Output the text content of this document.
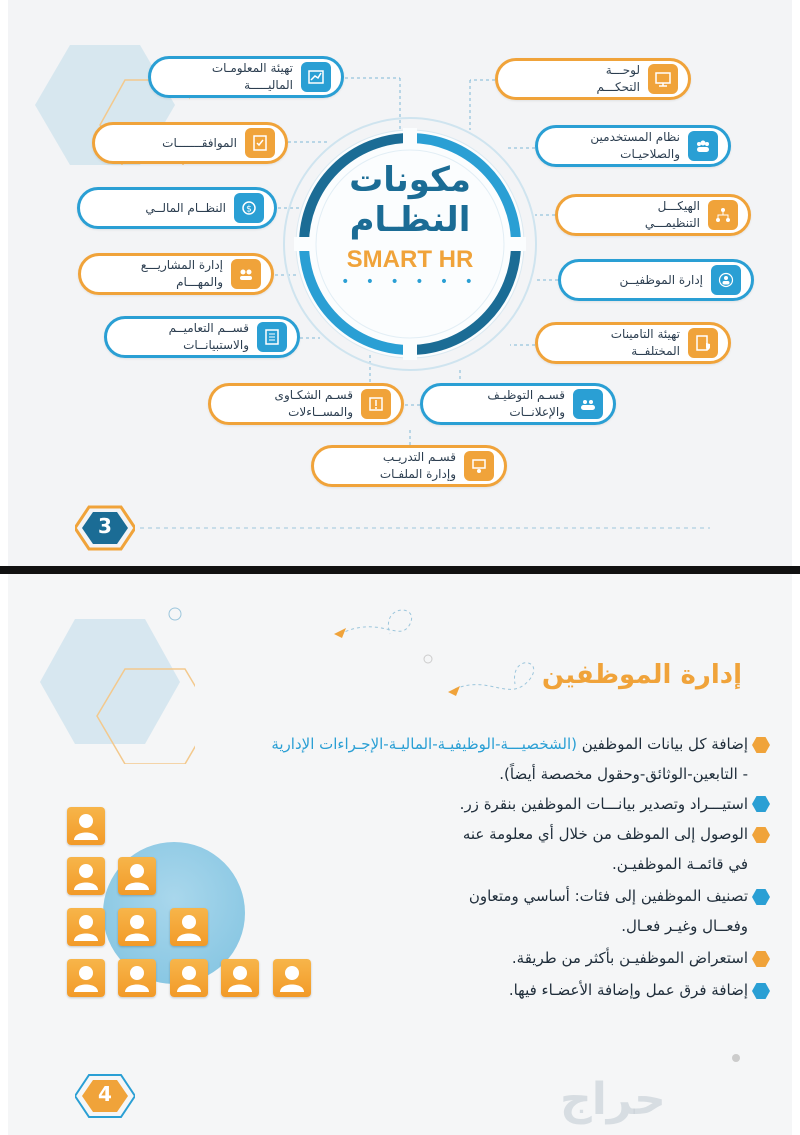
مكونات
النظـام
SMART HR
• • • • • •
تهيئة المعلومـات
الماليـــــة
الموافقـــــــات
$
النظــام المالــي
إدارة المشاريـــع
والمهـــام
قســم التعاميــم
والاستبيانــات
قسـم الشكـاوى
والمســاءلات
قسـم التدريـب
وإدارة الملفـات
لوحـــة
التحكـــم
نظام المستخدمين
والصلاحيـات
الهيكـــل
التنظيمـــي
إدارة الموظفيــن
تهيئة التامينات
المختلفــة
قسـم التوظيـف
والإعلانــات
3
إدارة الموظفين
إضافة كل بيانات الموظفين (الشخصيـــة-الوظيفيـة-الماليـة-الإجـراءات الإدارية
- التابعين-الوثائق-وحقول مخصصة أيضاً).
استيـــراد وتصدير بيانـــات الموظفين بنقرة زر.
الوصول إلى الموظف من خلال أي معلومة عنه
في قائمـة الموظفيـن.
تصنيف الموظفين إلى فئات: أساسي ومتعاون
وفعــال وغيـر فعـال.
استعراض الموظفيـن بأكثر من طريقة.
إضافة فرق عمل وإضافة الأعضـاء فيها.
4	حراج
